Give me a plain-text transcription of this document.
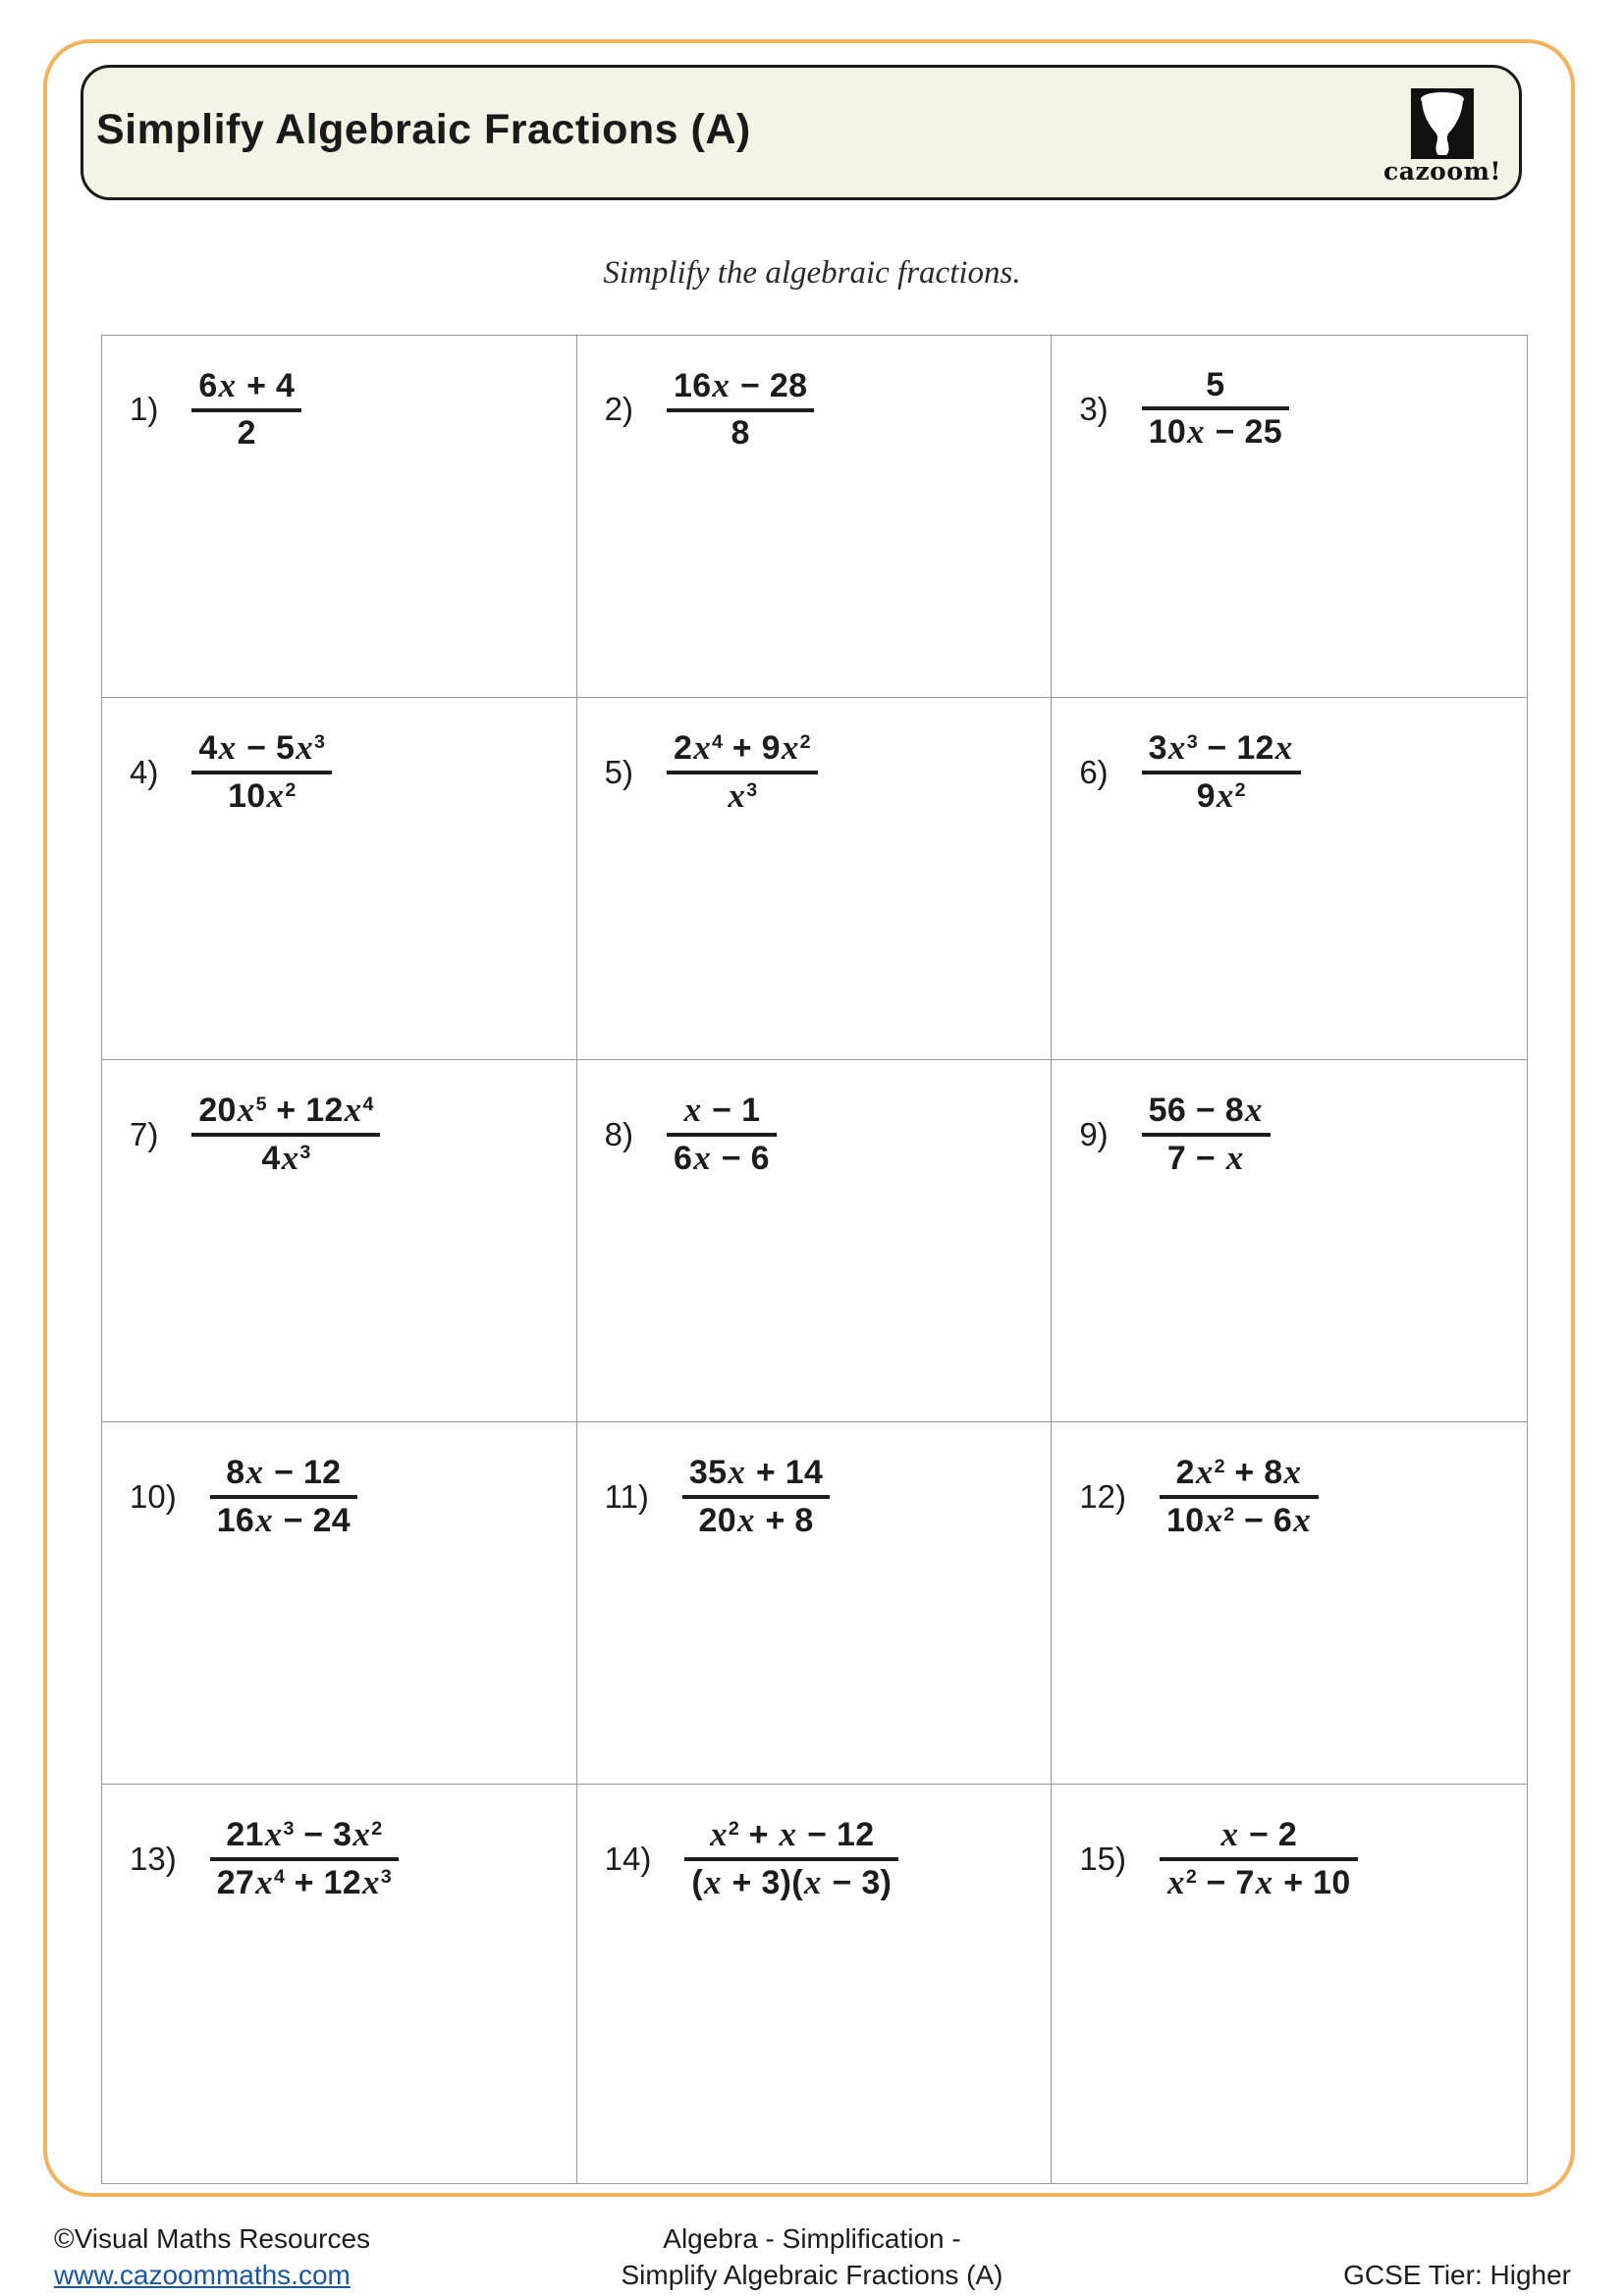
Simplify Algebraic Fractions (A)
cazoom!
Simplify the algebraic fractions.
$1) \frac{6x + 4}{2}$	$2) \frac{16x - 28}{8}$	$3) \frac{5}{10x - 25}$
$4) \frac{4x - 5x^3}{10x^2}$	$5) \frac{2x^4 + 9x^2}{x^3}$	$6) \frac{3x^3 - 12x}{9x^2}$
$7) \frac{20x^5 + 12x^4}{4x^3}$	$8) \frac{x - 1}{6x - 6}$	$9) \frac{56 - 8x}{7 - x}$
$10) \frac{8x - 12}{16x - 24}$	$11) \frac{35x + 14}{20x + 8}$	$12) \frac{2x^2 + 8x}{10x^2 - 6x}$
$13) \frac{21x^3 - 3x^2}{27x^4 + 12x^3}$	$14) \frac{x^2 + x - 12}{(x + 3)(x - 3)}$	$15) \frac{x - 2}{x^2 - 7x + 10}$
©Visual Maths Resources
www.cazoommaths.com
Algebra - Simplification -
Simplify Algebraic Fractions (A)	GCSE Tier: Higher
